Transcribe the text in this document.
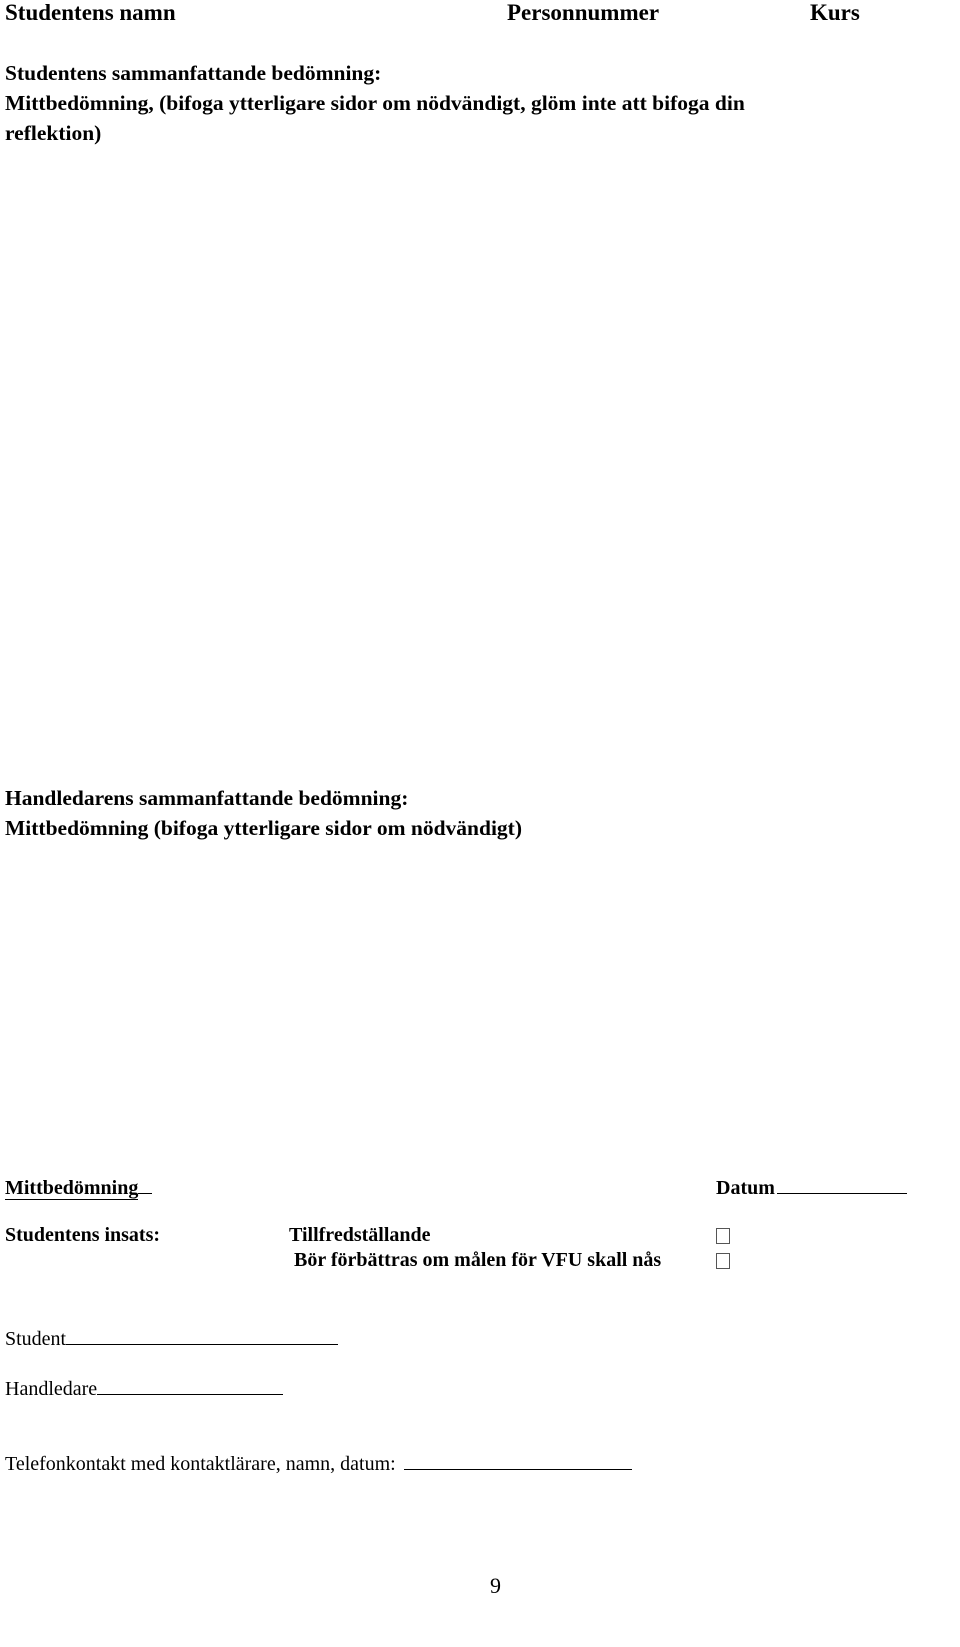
Studentens namn	Personnummer	Kurs
Studentens sammanfattande bedömning:
Mittbedömning, (bifoga ytterligare sidor om nödvändigt, glöm inte att bifoga din
reflektion)
Handledarens sammanfattande bedömning:
Mittbedömning (bifoga ytterligare sidor om nödvändigt)
Mittbedömning	Datum
Studentens insats:	Tillfredställande
Bör förbättras om målen för VFU skall nås
Student
Handledare
Telefonkontakt med kontaktlärare, namn, datum:
9
